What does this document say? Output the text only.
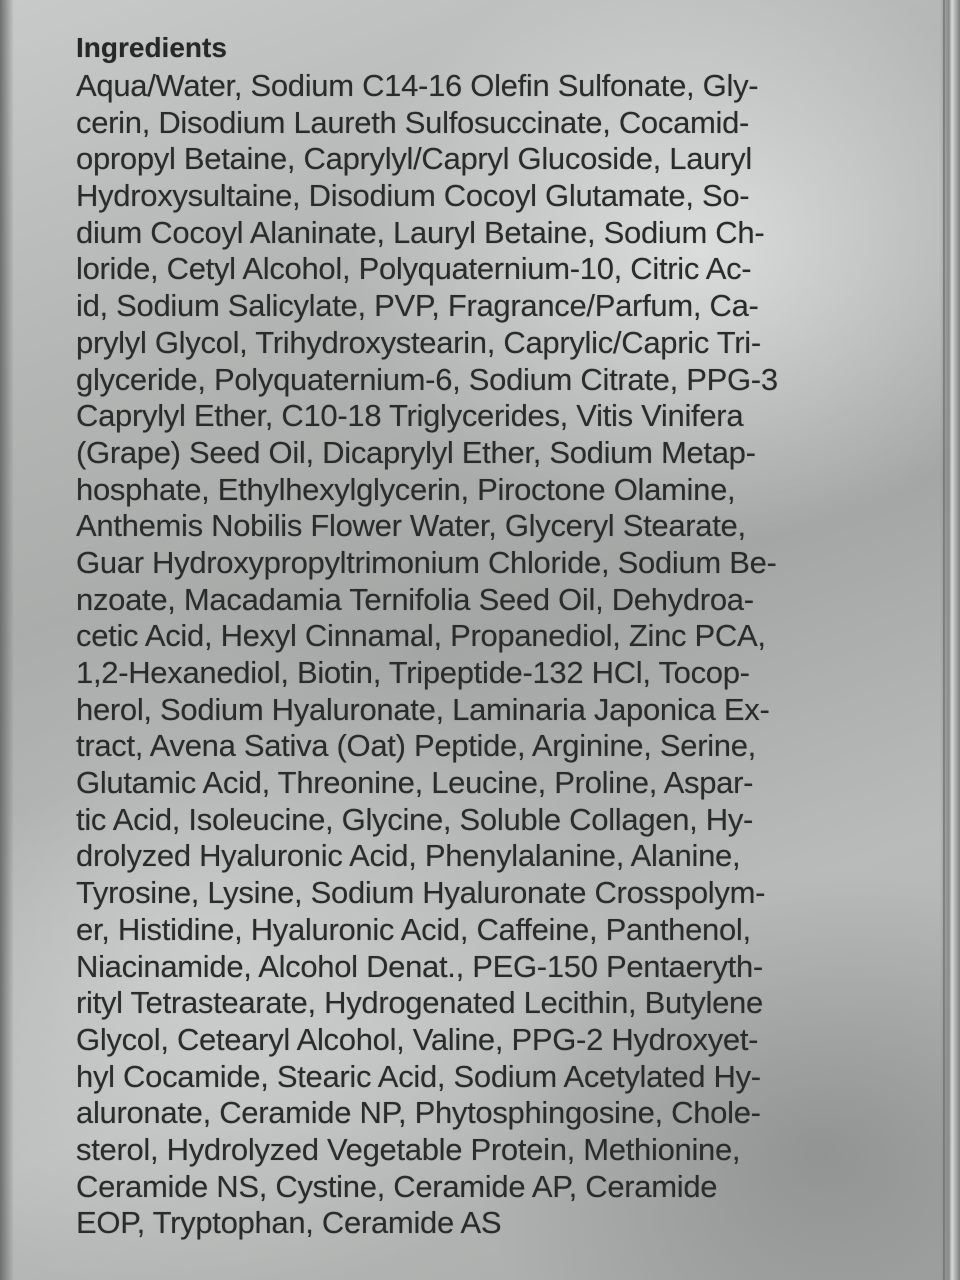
Ingredients
Aqua/Water, Sodium C14-16 Olefin Sulfonate, Gly-
cerin, Disodium Laureth Sulfosuccinate, Cocamid-
opropyl Betaine, Caprylyl/Capryl Glucoside, Lauryl
Hydroxysultaine, Disodium Cocoyl Glutamate, So-
dium Cocoyl Alaninate, Lauryl Betaine, Sodium Ch-
loride, Cetyl Alcohol, Polyquaternium-10, Citric Ac-
id, Sodium Salicylate, PVP, Fragrance/Parfum, Ca-
prylyl Glycol, Trihydroxystearin, Caprylic/Capric Tri-
glyceride, Polyquaternium-6, Sodium Citrate, PPG-3
Caprylyl Ether, C10-18 Triglycerides, Vitis Vinifera
(Grape) Seed Oil, Dicaprylyl Ether, Sodium Metap-
hosphate, Ethylhexylglycerin, Piroctone Olamine,
Anthemis Nobilis Flower Water, Glyceryl Stearate,
Guar Hydroxypropyltrimonium Chloride, Sodium Be-
nzoate, Macadamia Ternifolia Seed Oil, Dehydroa-
cetic Acid, Hexyl Cinnamal, Propanediol, Zinc PCA,
1,2-Hexanediol, Biotin, Tripeptide-132 HCl, Tocop-
herol, Sodium Hyaluronate, Laminaria Japonica Ex-
tract, Avena Sativa (Oat) Peptide, Arginine, Serine,
Glutamic Acid, Threonine, Leucine, Proline, Aspar-
tic Acid, Isoleucine, Glycine, Soluble Collagen, Hy-
drolyzed Hyaluronic Acid, Phenylalanine, Alanine,
Tyrosine, Lysine, Sodium Hyaluronate Crosspolym-
er, Histidine, Hyaluronic Acid, Caffeine, Panthenol,
Niacinamide, Alcohol Denat., PEG-150 Pentaeryth-
rityl Tetrastearate, Hydrogenated Lecithin, Butylene
Glycol, Cetearyl Alcohol, Valine, PPG-2 Hydroxyet-
hyl Cocamide, Stearic Acid, Sodium Acetylated Hy-
aluronate, Ceramide NP, Phytosphingosine, Chole-
sterol, Hydrolyzed Vegetable Protein, Methionine,
Ceramide NS, Cystine, Ceramide AP, Ceramide
EOP, Tryptophan, Ceramide AS
